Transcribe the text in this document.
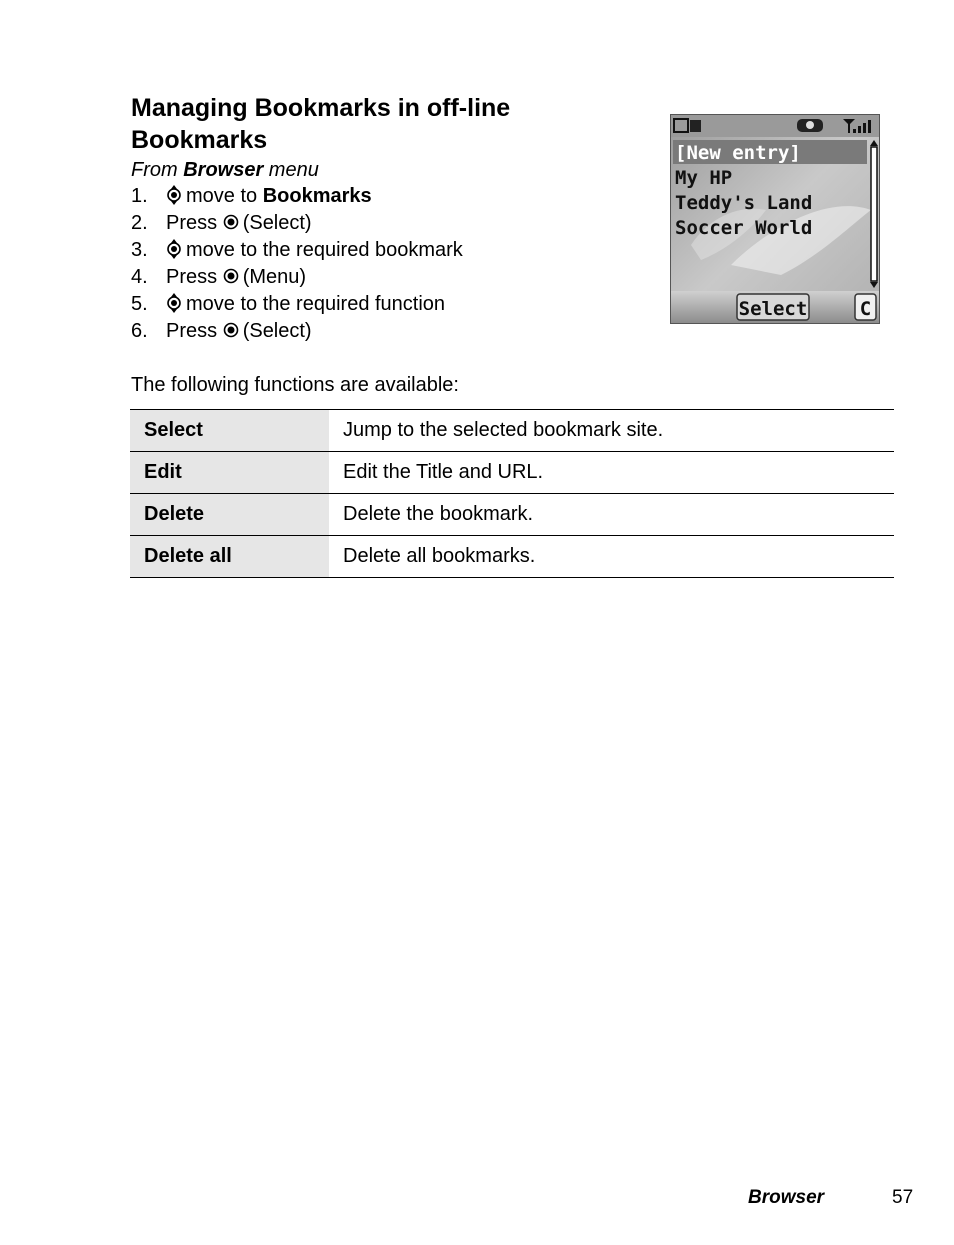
Managing Bookmarks in off-line Bookmarks
From Browser menu
1. move to Bookmarks
2. Press (Select)
3. move to the required bookmark
4. Press (Menu)
5. move to the required function
6. Press (Select)
[New entry]
My HP
Teddy's Land
Soccer World
Select	C
The following functions are available:
Select	Jump to the selected bookmark site.
Edit	Edit the Title and URL.
Delete	Delete the bookmark.
Delete all	Delete all bookmarks.
Browser	57
